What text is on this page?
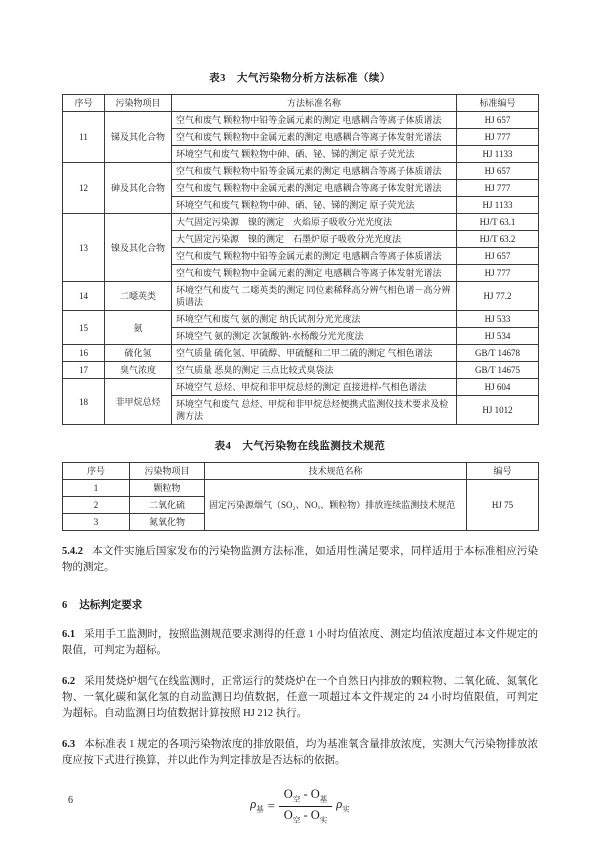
表3　大气污染物分析方法标准（续）
序号	污染物项目	方法标准名称	标准编号
11	锑及其化合物	空气和废气 颗粒物中铅等金属元素的测定 电感耦合等离子体质谱法	HJ 657
		空气和废气 颗粒物中金属元素的测定 电感耦合等离子体发射光谱法	HJ 777
		环境空气和废气 颗粒物中砷、硒、铋、锑的测定 原子荧光法	HJ 1133
12	砷及其化合物	空气和废气 颗粒物中铅等金属元素的测定 电感耦合等离子体质谱法	HJ 657
		空气和废气 颗粒物中金属元素的测定 电感耦合等离子体发射光谱法	HJ 777
		环境空气和废气 颗粒物中砷、硒、铋、锑的测定 原子荧光法	HJ 1133
13	镍及其化合物	大气固定污染源　镍的测定　火焰原子吸收分光光度法	HJ/T 63.1
		大气固定污染源　镍的测定　石墨炉原子吸收分光光度法	HJ/T 63.2
		空气和废气 颗粒物中铅等金属元素的测定 电感耦合等离子体质谱法	HJ 657
		空气和废气 颗粒物中金属元素的测定 电感耦合等离子体发射光谱法	HJ 777
14	二噁英类	环境空气和废气 二噁英类的测定 同位素稀释高分辨气相色谱－高分辨质谱法	HJ 77.2
15	氨	环境空气和废气 氨的测定 纳氏试剂分光光度法	HJ 533
		环境空气 氨的测定 次氯酸钠-水杨酸分光光度法	HJ 534
16	硫化氢	空气质量 硫化氢、甲硫醇、甲硫醚和二甲二硫的测定 气相色谱法	GB/T 14678
17	臭气浓度	空气质量 恶臭的测定 三点比较式臭袋法	GB/T 14675
18	非甲烷总烃	环境空气 总烃、甲烷和非甲烷总烃的测定 直接进样-气相色谱法	HJ 604
		环境空气和废气 总烃、甲烷和非甲烷总烃便携式监测仪技术要求及检测方法	HJ 1012
表4　大气污染物在线监测技术规范
序号	污染物项目	技术规范名称	编号
1	颗粒物	固定污染源烟气（SO₂、NOₓ、颗粒物）排放连续监测技术规范	HJ 75
2	二氧化硫		
3	氮氧化物		

5.4.2 本文件实施后国家发布的污染物监测方法标准，如适用性满足要求，同样适用于本标准相应污染物的测定。

6 达标判定要求

6.1 采用手工监测时，按照监测规范要求测得的任意 1 小时均值浓度、测定均值浓度超过本文件规定的限值，可判定为超标。

6.2 采用焚烧炉烟气在线监测时，正常运行的焚烧炉在一个自然日内排放的颗粒物、二氧化硫、氮氧化物、一氧化碳和氯化氢的自动监测日均值数据，任意一项超过本文件规定的 24 小时均值限值，可判定为超标。自动监测日均值数据计算按照 HJ 212 执行。

6.3 本标准表 1 规定的各项污染物浓度的排放限值，均为基准氧含量排放浓度，实测大气污染物排放浓度应按下式进行换算，并以此作为判定排放是否达标的依据。

$\rho_基 = \frac{O_空 - O_基}{O_空 - O_实} \rho_实$
6
